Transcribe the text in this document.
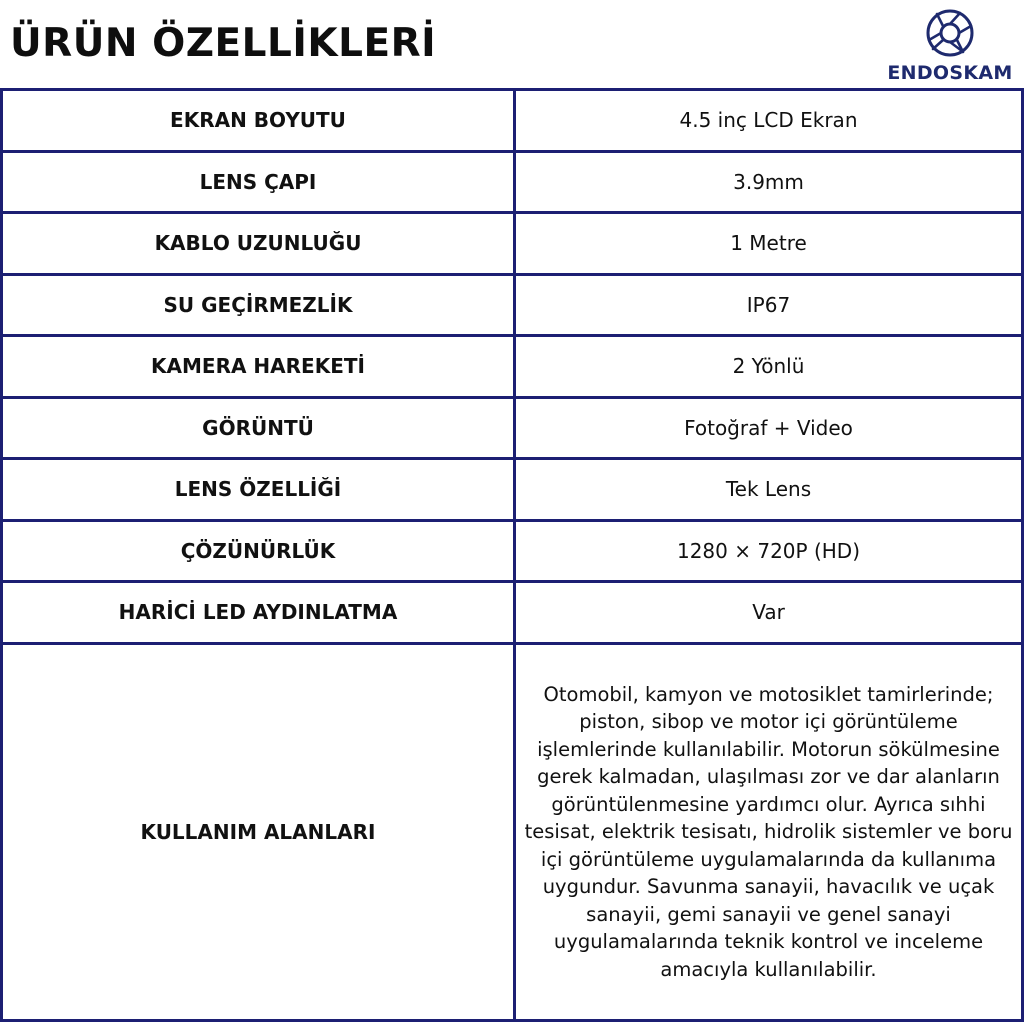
ÜRÜN ÖZELLİKLERİ
ENDOSKAM
EKRAN BOYUTU	4.5 inç LCD Ekran
LENS ÇAPI	3.9mm
KABLO UZUNLUĞU	1 Metre
SU GEÇİRMEZLİK	IP67
KAMERA HAREKETİ	2 Yönlü
GÖRÜNTÜ	Fotoğraf + Video
LENS ÖZELLİĞİ	Tek Lens
ÇÖZÜNÜRLÜK	1280 × 720P (HD)
HARİCİ LED AYDINLATMA	Var
KULLANIM ALANLARI	Otomobil, kamyon ve motosiklet tamirlerinde; piston, sibop ve motor içi görüntüleme işlemlerinde kullanılabilir. Motorun sökülmesine gerek kalmadan, ulaşılması zor ve dar alanların görüntülenmesine yardımcı olur. Ayrıca sıhhi tesisat, elektrik tesisatı, hidrolik sistemler ve boru içi görüntüleme uygulamalarında da kullanıma uygundur. Savunma sanayii, havacılık ve uçak sanayii, gemi sanayii ve genel sanayi uygulamalarında teknik kontrol ve inceleme amacıyla kullanılabilir.
